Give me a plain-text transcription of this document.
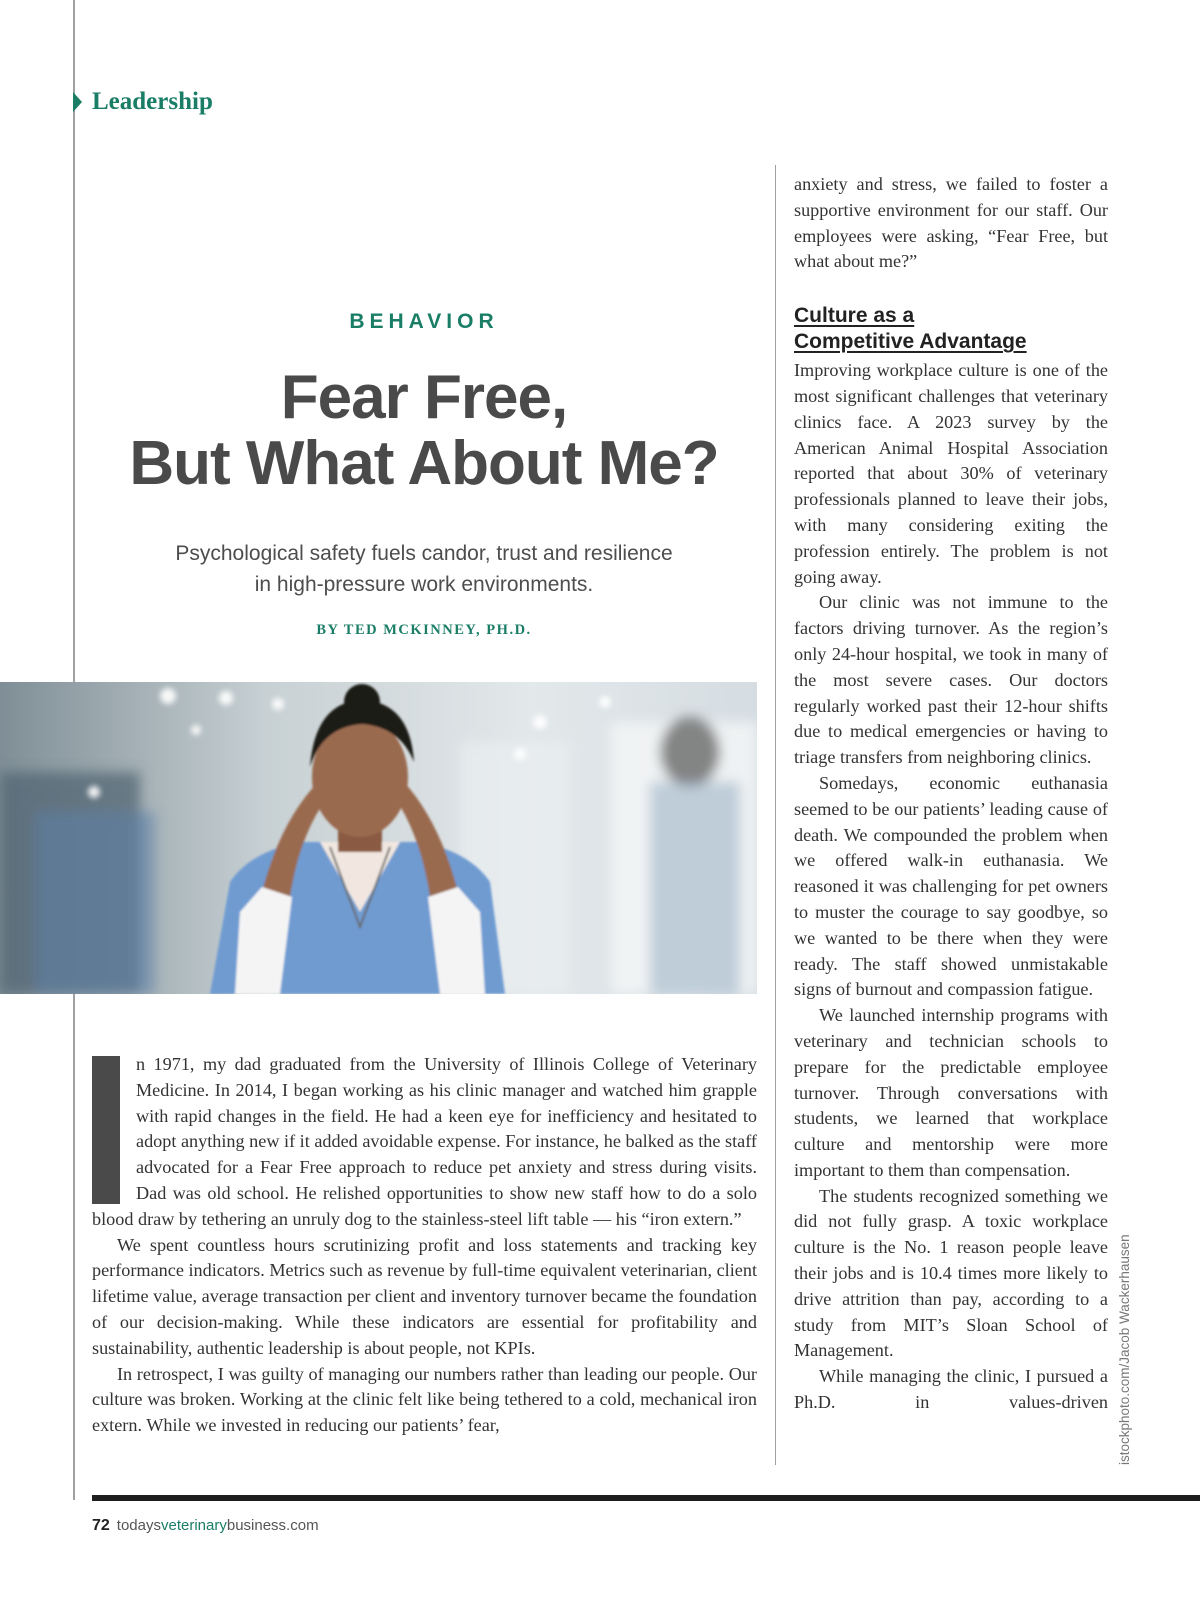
Leadership
BEHAVIOR
Fear Free,
But What About Me?
Psychological safety fuels candor, trust and resilience
in high-pressure work environments.
BY TED MCKINNEY, PH.D.

n 1971, my dad graduated from the University of Illinois College of Veterinary Medicine. In 2014, I began working as his clinic manager and watched him grapple with rapid changes in the field. He had a keen eye for inefficiency and hesitated to adopt anything new if it added avoidable expense. For instance, he balked as the staff advocated for a Fear Free approach to reduce pet anxiety and stress during visits. Dad was old school. He relished opportunities to show new staff how to do a solo blood draw by tethering an unruly dog to the stainless-steel lift table — his “iron extern.”

We spent countless hours scrutinizing profit and loss statements and tracking key performance indicators. Metrics such as revenue by full-time equivalent veterinarian, client lifetime value, average transaction per client and inventory turnover became the foundation of our decision-making. While these indicators are essential for profitability and sustainability, authentic leadership is about people, not KPIs.

In retrospect, I was guilty of managing our numbers rather than leading our people. Our culture was broken. Working at the clinic felt like being tethered to a cold, mechanical iron extern. While we invested in reducing our patients’ fear,

anxiety and stress, we failed to foster a supportive environment for our staff. Our employees were asking, “Fear Free, but what about me?”

Culture as a
Competitive Advantage

Improving workplace culture is one of the most significant challenges that veterinary clinics face. A 2023 survey by the American Animal Hospital Association reported that about 30% of veterinary professionals planned to leave their jobs, with many considering exiting the profession entirely. The problem is not going away.

Our clinic was not immune to the factors driving turnover. As the region’s only 24-hour hospital, we took in many of the most severe cases. Our doctors regularly worked past their 12-hour shifts due to medical emergencies or having to triage transfers from neighboring clinics.

Somedays, economic euthanasia seemed to be our patients’ leading cause of death. We compounded the problem when we offered walk-in euthanasia. We reasoned it was challenging for pet owners to muster the courage to say goodbye, so we wanted to be there when they were ready. The staff showed unmistakable signs of burnout and compassion fatigue.

We launched internship programs with veterinary and technician schools to prepare for the predictable employee turnover. Through conversations with students, we learned that workplace culture and mentorship were more important to them than compensation.

The students recognized something we did not fully grasp. A toxic workplace culture is the No. 1 reason people leave their jobs and is 10.4 times more likely to drive attrition than pay, according to a study from MIT’s Sloan School of Management.

While managing the clinic, I pursued a Ph.D. in values-driven istockphoto.com/Jacob Wackerhausen
72 todaysveterinarybusiness.com
